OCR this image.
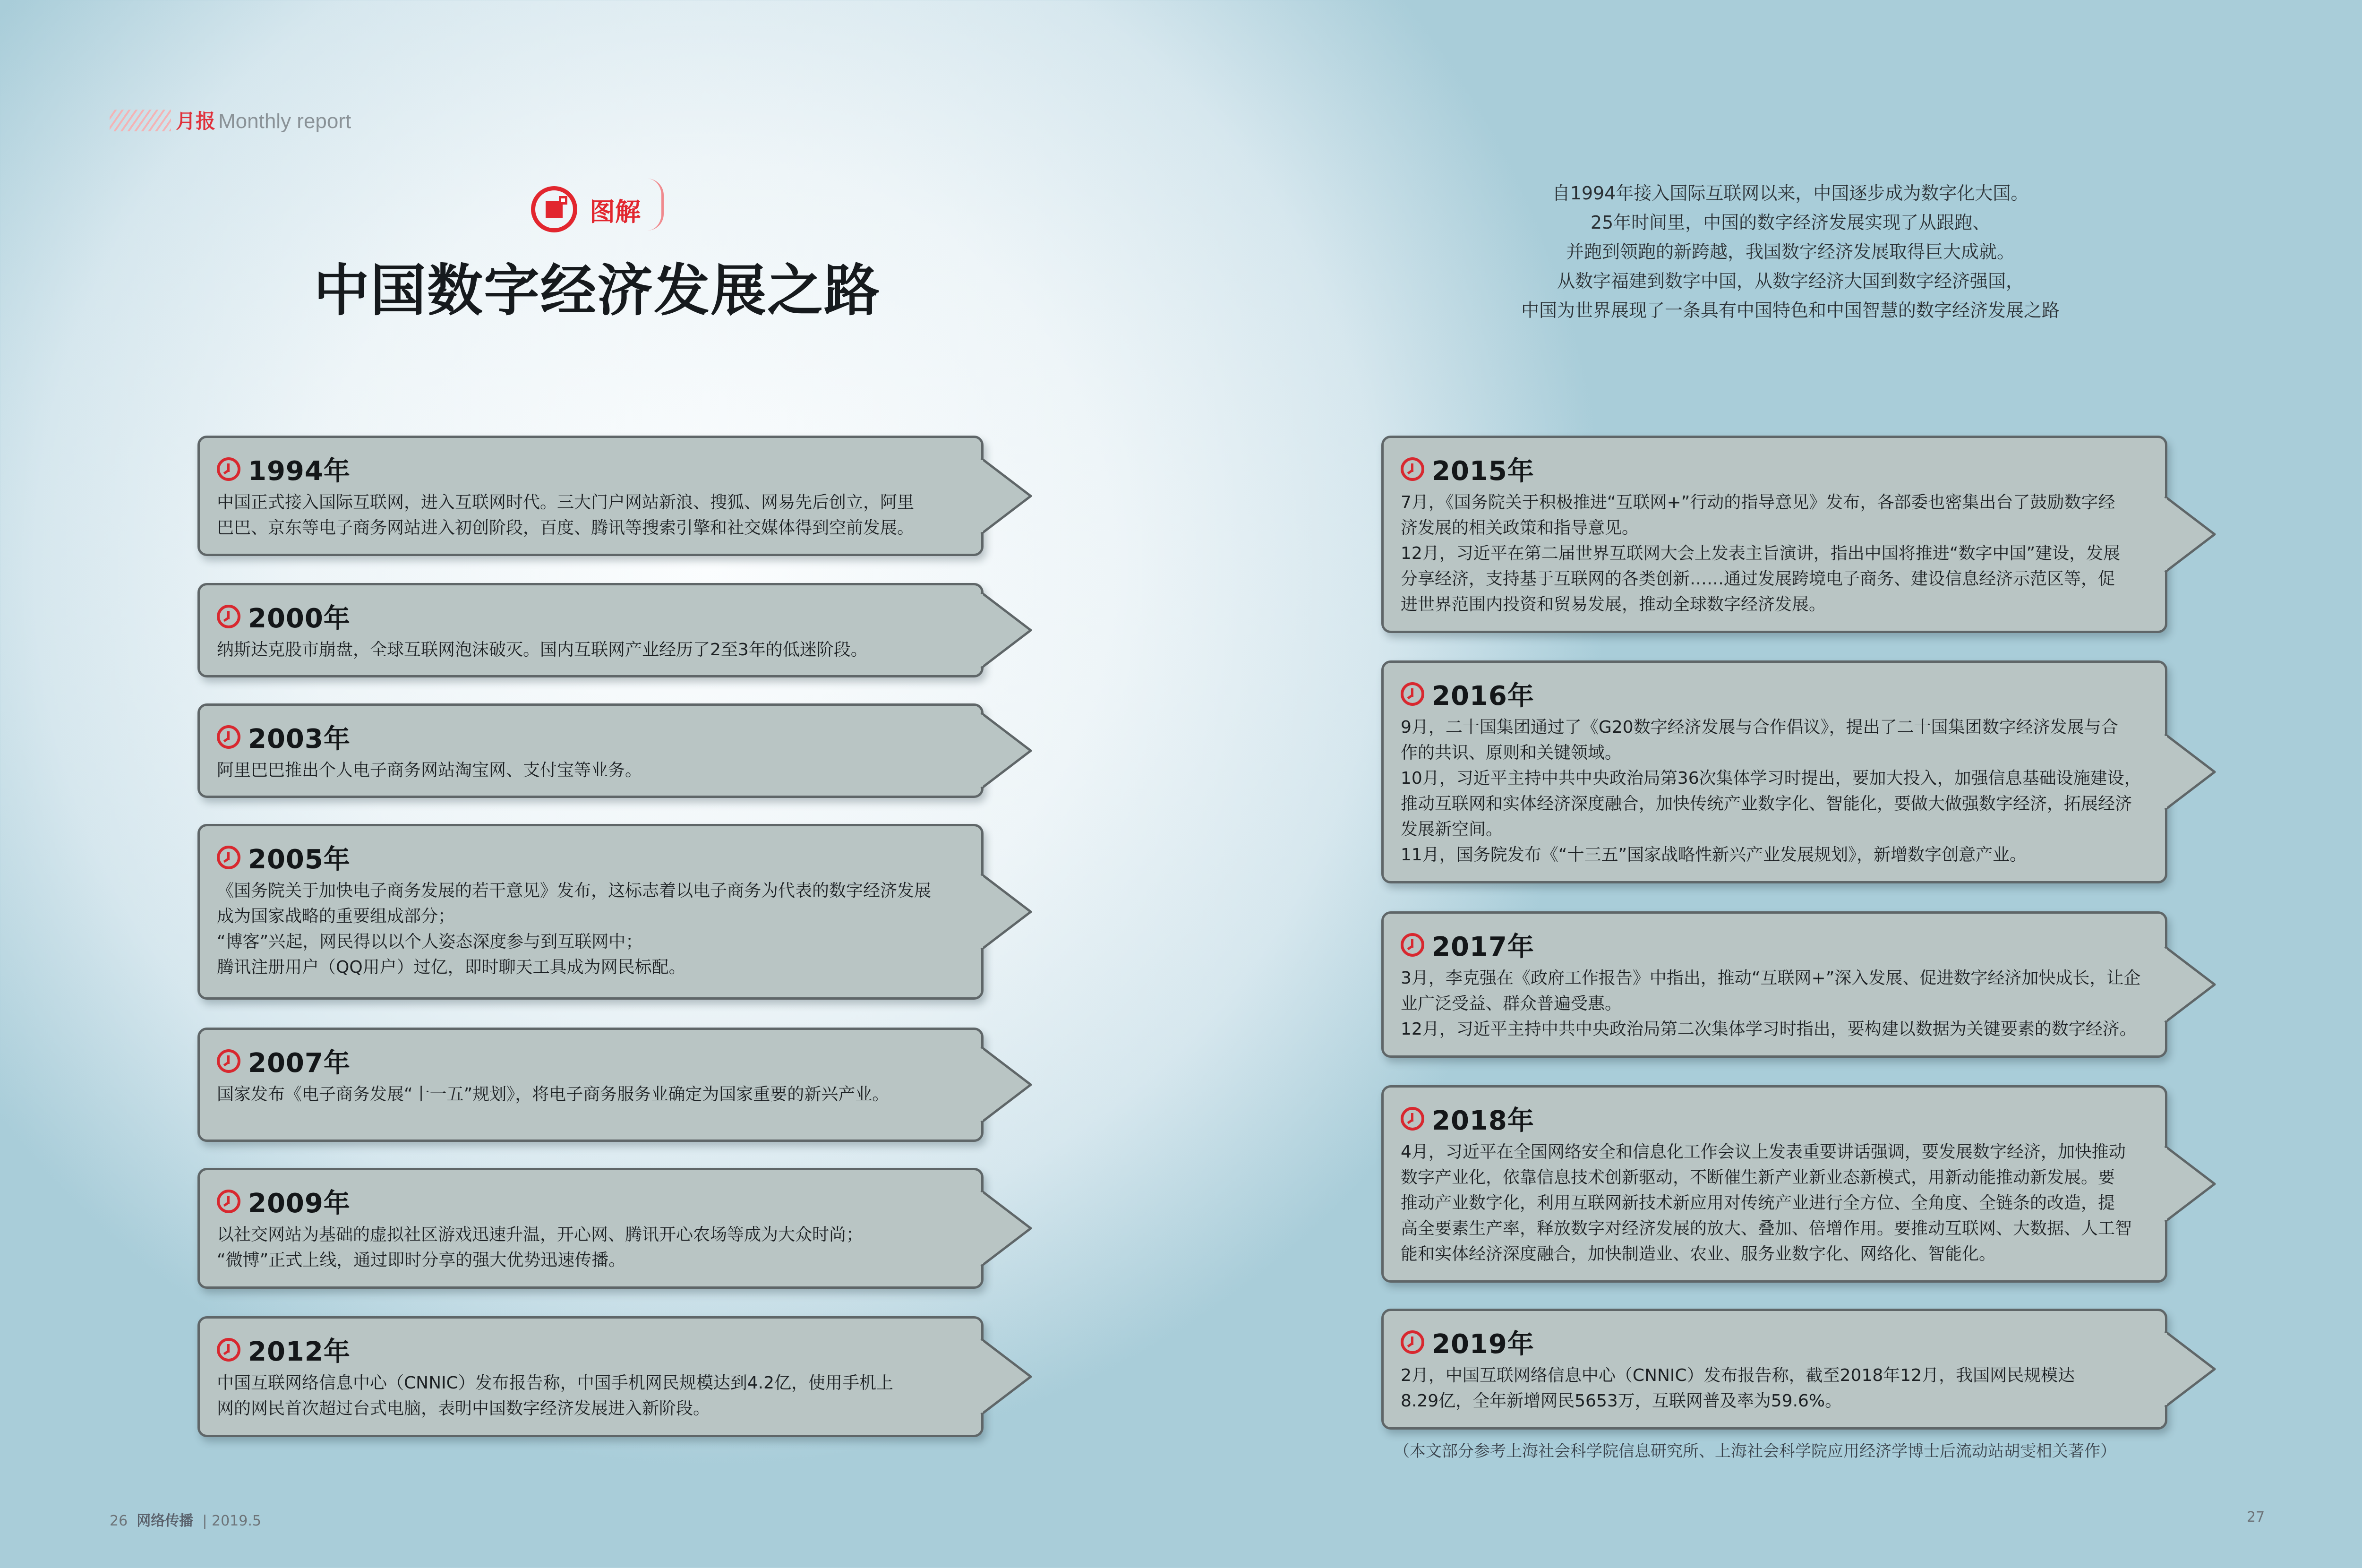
月报 Monthly report
图解
中国数字经济发展之路
自1994年接入国际互联网以来，中国逐步成为数字化大国。
25年时间里，中国的数字经济发展实现了从跟跑、
并跑到领跑的新跨越，我国数字经济发展取得巨大成就。
从数字福建到数字中国，从数字经济大国到数字经济强国，
中国为世界展现了一条具有中国特色和中国智慧的数字经济发展之路
1994年
中国正式接入国际互联网，进入互联网时代。三大门户网站新浪、搜狐、网易先后创立，阿里
巴巴、京东等电子商务网站进入初创阶段，百度、腾讯等搜索引擎和社交媒体得到空前发展。
2000年
纳斯达克股市崩盘，全球互联网泡沫破灭。国内互联网产业经历了2至3年的低迷阶段。
2003年
阿里巴巴推出个人电子商务网站淘宝网、支付宝等业务。
2005年
《国务院关于加快电子商务发展的若干意见》发布，这标志着以电子商务为代表的数字经济发展
成为国家战略的重要组成部分；
“博客”兴起，网民得以以个人姿态深度参与到互联网中；
腾讯注册用户（QQ用户）过亿，即时聊天工具成为网民标配。
2007年
国家发布《电子商务发展“十一五”规划》，将电子商务服务业确定为国家重要的新兴产业。
2009年
以社交网站为基础的虚拟社区游戏迅速升温，开心网、腾讯开心农场等成为大众时尚；
“微博”正式上线，通过即时分享的强大优势迅速传播。
2012年
中国互联网络信息中心（CNNIC）发布报告称，中国手机网民规模达到4.2亿，使用手机上
网的网民首次超过台式电脑，表明中国数字经济发展进入新阶段。
2015年
7月，《国务院关于积极推进“互联网+”行动的指导意见》发布，各部委也密集出台了鼓励数字经
济发展的相关政策和指导意见。
12月，习近平在第二届世界互联网大会上发表主旨演讲，指出中国将推进“数字中国”建设，发展
分享经济，支持基于互联网的各类创新……通过发展跨境电子商务、建设信息经济示范区等，促
进世界范围内投资和贸易发展，推动全球数字经济发展。
2016年
9月，二十国集团通过了《G20数字经济发展与合作倡议》，提出了二十国集团数字经济发展与合
作的共识、原则和关键领域。
10月，习近平主持中共中央政治局第36次集体学习时提出，要加大投入，加强信息基础设施建设，
推动互联网和实体经济深度融合，加快传统产业数字化、智能化，要做大做强数字经济，拓展经济
发展新空间。
11月，国务院发布《“十三五”国家战略性新兴产业发展规划》，新增数字创意产业。
2017年
3月，李克强在《政府工作报告》中指出，推动“互联网+”深入发展、促进数字经济加快成长，让企
业广泛受益、群众普遍受惠。
12月，习近平主持中共中央政治局第二次集体学习时指出，要构建以数据为关键要素的数字经济。
2018年
4月，习近平在全国网络安全和信息化工作会议上发表重要讲话强调，要发展数字经济，加快推动
数字产业化，依靠信息技术创新驱动，不断催生新产业新业态新模式，用新动能推动新发展。要
推动产业数字化，利用互联网新技术新应用对传统产业进行全方位、全角度、全链条的改造，提
高全要素生产率，释放数字对经济发展的放大、叠加、倍增作用。要推动互联网、大数据、人工智
能和实体经济深度融合，加快制造业、农业、服务业数字化、网络化、智能化。
2019年
2月，中国互联网络信息中心（CNNIC）发布报告称，截至2018年12月，我国网民规模达
8.29亿，全年新增网民5653万，互联网普及率为59.6%。
（本文部分参考上海社会科学院信息研究所、上海社会科学院应用经济学博士后流动站胡雯相关著作）
26 网络传播  | 2019.5	27
